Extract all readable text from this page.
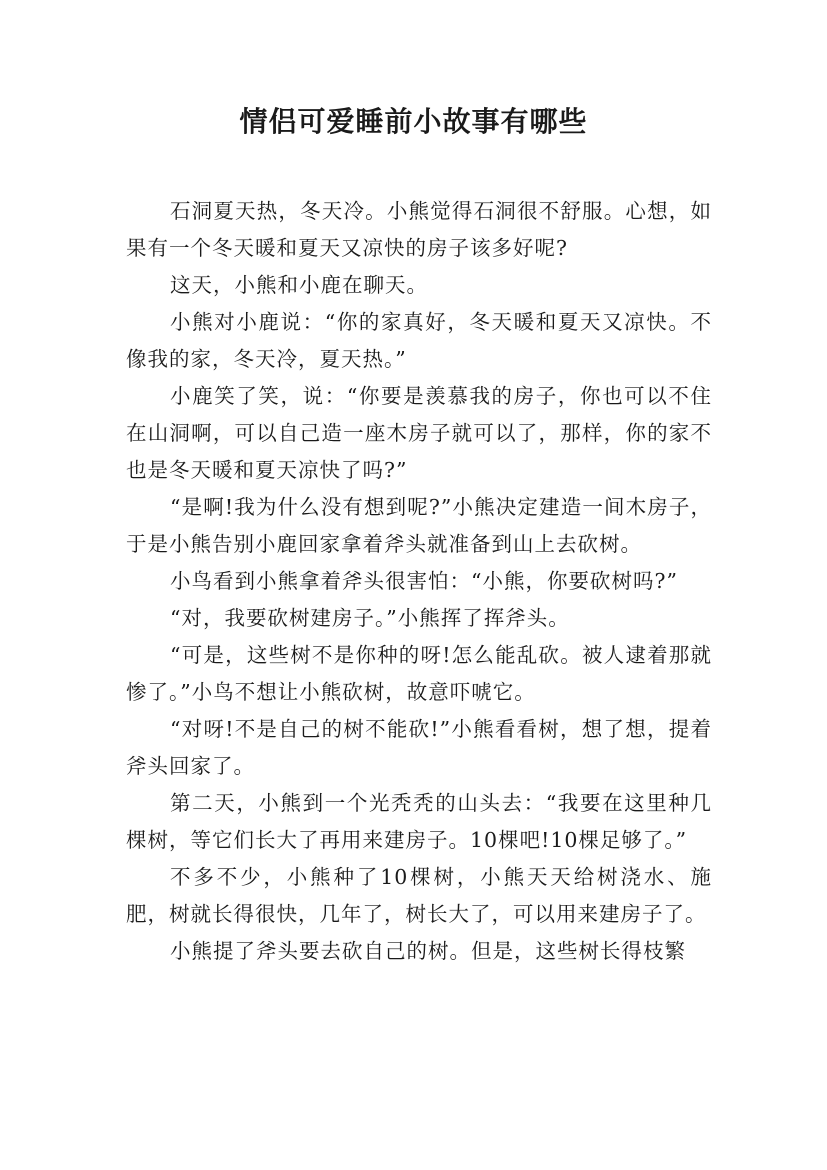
情侣可爱睡前小故事有哪些

石洞夏天热，冬天冷。小熊觉得石洞很不舒服。心想，如果有一个冬天暖和夏天又凉快的房子该多好呢?

这天，小熊和小鹿在聊天。

小熊对小鹿说：“你的家真好，冬天暖和夏天又凉快。不像我的家，冬天冷，夏天热。”

小鹿笑了笑，说：“你要是羡慕我的房子，你也可以不住在山洞啊，可以自己造一座木房子就可以了，那样，你的家不也是冬天暖和夏天凉快了吗?”

“是啊!我为什么没有想到呢?”小熊决定建造一间木房子，于是小熊告别小鹿回家拿着斧头就准备到山上去砍树。

小鸟看到小熊拿着斧头很害怕：“小熊，你要砍树吗?”

“对，我要砍树建房子。”小熊挥了挥斧头。

“可是，这些树不是你种的呀!怎么能乱砍。被人逮着那就惨了。”小鸟不想让小熊砍树，故意吓唬它。

“对呀!不是自己的树不能砍!”小熊看看树，想了想，提着斧头回家了。

第二天，小熊到一个光秃秃的山头去：“我要在这里种几棵树，等它们长大了再用来建房子。10棵吧!10棵足够了。”

不多不少，小熊种了10棵树，小熊天天给树浇水、施肥，树就长得很快，几年了，树长大了，可以用来建房子了。

小熊提了斧头要去砍自己的树。但是，这些树长得枝繁
